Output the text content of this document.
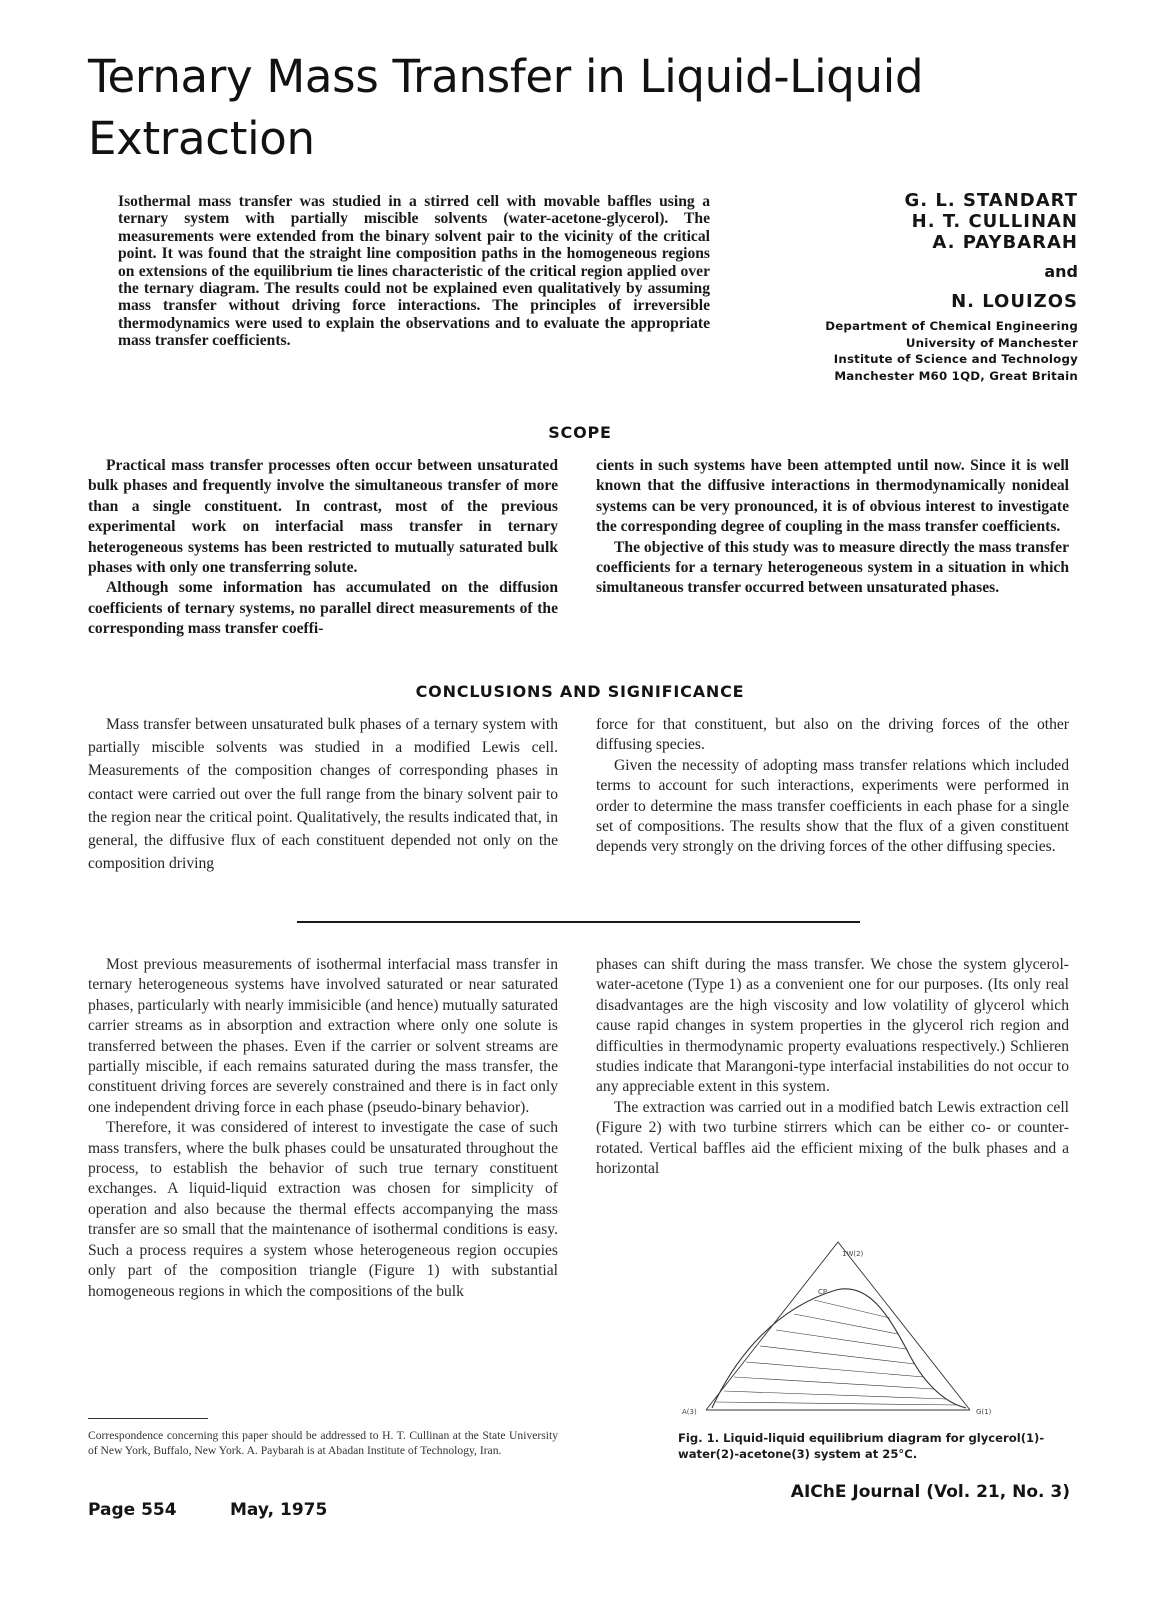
Ternary Mass Transfer in Liquid-Liquid Extraction

Isothermal mass transfer was studied in a stirred cell with movable baffles using a ternary system with partially miscible solvents (water-acetone-glycerol). The measurements were extended from the binary solvent pair to the vicinity of the critical point. It was found that the straight line composition paths in the homogeneous regions on extensions of the equilibrium tie lines characteristic of the critical region applied over the ternary diagram. The results could not be explained even qualitatively by assuming mass transfer without driving force interactions. The principles of irreversible thermodynamics were used to explain the observations and to evaluate the appropriate mass transfer coefficients.

G. L. STANDART
H. T. CULLINAN
A. PAYBARAH
and
N. LOUIZOS
Department of Chemical Engineering
University of Manchester
Institute of Science and Technology
Manchester M60 1QD, Great Britain
SCOPE

Practical mass transfer processes often occur between unsaturated bulk phases and frequently involve the simultaneous transfer of more than a single constituent. In contrast, most of the previous experimental work on interfacial mass transfer in ternary heterogeneous systems has been restricted to mutually saturated bulk phases with only one transferring solute.

Although some information has accumulated on the diffusion coefficients of ternary systems, no parallel direct measurements of the corresponding mass transfer coeffi-

cients in such systems have been attempted until now. Since it is well known that the diffusive interactions in thermodynamically nonideal systems can be very pronounced, it is of obvious interest to investigate the corresponding degree of coupling in the mass transfer coefficients.

The objective of this study was to measure directly the mass transfer coefficients for a ternary heterogeneous system in a situation in which simultaneous transfer occurred between unsaturated phases.

CONCLUSIONS AND SIGNIFICANCE

Mass transfer between unsaturated bulk phases of a ternary system with partially miscible solvents was studied in a modified Lewis cell. Measurements of the composition changes of corresponding phases in contact were carried out over the full range from the binary solvent pair to the region near the critical point. Qualitatively, the results indicated that, in general, the diffusive flux of each constituent depended not only on the composition driving

force for that constituent, but also on the driving forces of the other diffusing species.

Given the necessity of adopting mass transfer relations which included terms to account for such interactions, experiments were performed in order to determine the mass transfer coefficients in each phase for a single set of compositions. The results show that the flux of a given constituent depends very strongly on the driving forces of the other diffusing species.

Most previous measurements of isothermal interfacial mass transfer in ternary heterogeneous systems have involved saturated or near saturated phases, particularly with nearly immisicible (and hence) mutually saturated carrier streams as in absorption and extraction where only one solute is transferred between the phases. Even if the carrier or solvent streams are partially miscible, if each remains saturated during the mass transfer, the constituent driving forces are severely constrained and there is in fact only one independent driving force in each phase (pseudo-binary behavior).

Therefore, it was considered of interest to investigate the case of such mass transfers, where the bulk phases could be unsaturated throughout the process, to establish the behavior of such true ternary constituent exchanges. A liquid-liquid extraction was chosen for simplicity of operation and also because the thermal effects accompanying the mass transfer are so small that the maintenance of isothermal conditions is easy. Such a process requires a system whose heterogeneous region occupies only part of the composition triangle (Figure 1) with substantial homogeneous regions in which the compositions of the bulk

phases can shift during the mass transfer. We chose the system glycerol-water-acetone (Type 1) as a convenient one for our purposes. (Its only real disadvantages are the high viscosity and low volatility of glycerol which cause rapid changes in system properties in the glycerol rich region and difficulties in thermodynamic property evaluations respectively.) Schlieren studies indicate that Marangoni-type interfacial instabilities do not occur to any appreciable extent in this system.

The extraction was carried out in a modified batch Lewis extraction cell (Figure 2) with two turbine stirrers which can be either co- or counter-rotated. Vertical baffles aid the efficient mixing of the bulk phases and a horizontal

1W(2)
A(3)	G(1)
CP
Correspondence concerning this paper should be addressed to H. T. Cullinan at the State University of New York, Buffalo, New York. A. Paybarah is at Abadan Institute of Technology, Iran.
Fig. 1. Liquid-liquid equilibrium diagram for glycerol(1)-water(2)-acetone(3) system at 25°C.
Page 554	May, 1975
AIChE Journal (Vol. 21, No. 3)
